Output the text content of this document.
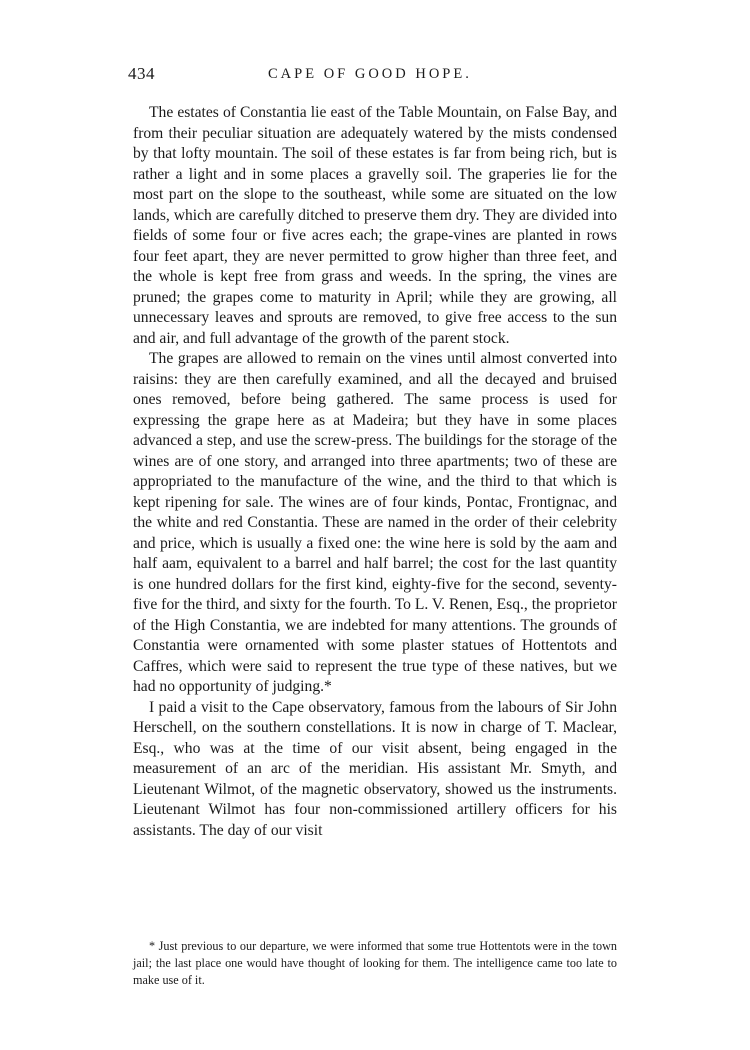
434	CAPE OF GOOD HOPE.

The estates of Constantia lie east of the Table Mountain, on False Bay, and from their peculiar situation are adequately watered by the mists condensed by that lofty mountain. The soil of these estates is far from being rich, but is rather a light and in some places a gravelly soil. The graperies lie for the most part on the slope to the southeast, while some are situated on the low lands, which are carefully ditched to preserve them dry. They are divided into fields of some four or five acres each; the grape-vines are planted in rows four feet apart, they are never permitted to grow higher than three feet, and the whole is kept free from grass and weeds. In the spring, the vines are pruned; the grapes come to maturity in April; while they are growing, all unnecessary leaves and sprouts are removed, to give free access to the sun and air, and full advantage of the growth of the parent stock.

The grapes are allowed to remain on the vines until almost converted into raisins: they are then carefully examined, and all the decayed and bruised ones removed, before being gathered. The same process is used for expressing the grape here as at Madeira; but they have in some places advanced a step, and use the screw-press. The buildings for the storage of the wines are of one story, and arranged into three apartments; two of these are appropriated to the manufacture of the wine, and the third to that which is kept ripening for sale. The wines are of four kinds, Pontac, Frontignac, and the white and red Constantia. These are named in the order of their celebrity and price, which is usually a fixed one: the wine here is sold by the aam and half aam, equivalent to a barrel and half barrel; the cost for the last quantity is one hundred dollars for the first kind, eighty-five for the second, seventy-five for the third, and sixty for the fourth. To L. V. Renen, Esq., the proprietor of the High Constantia, we are indebted for many attentions. The grounds of Constantia were ornamented with some plaster statues of Hottentots and Caffres, which were said to represent the true type of these natives, but we had no opportunity of judging.*

I paid a visit to the Cape observatory, famous from the labours of Sir John Herschell, on the southern constellations. It is now in charge of T. Maclear, Esq., who was at the time of our visit absent, being engaged in the measurement of an arc of the meridian. His assistant Mr. Smyth, and Lieutenant Wilmot, of the magnetic observatory, showed us the instruments. Lieutenant Wilmot has four non-commissioned artillery officers for his assistants. The day of our visit

* Just previous to our departure, we were informed that some true Hottentots were in the town jail; the last place one would have thought of looking for them. The intelligence came too late to make use of it.
